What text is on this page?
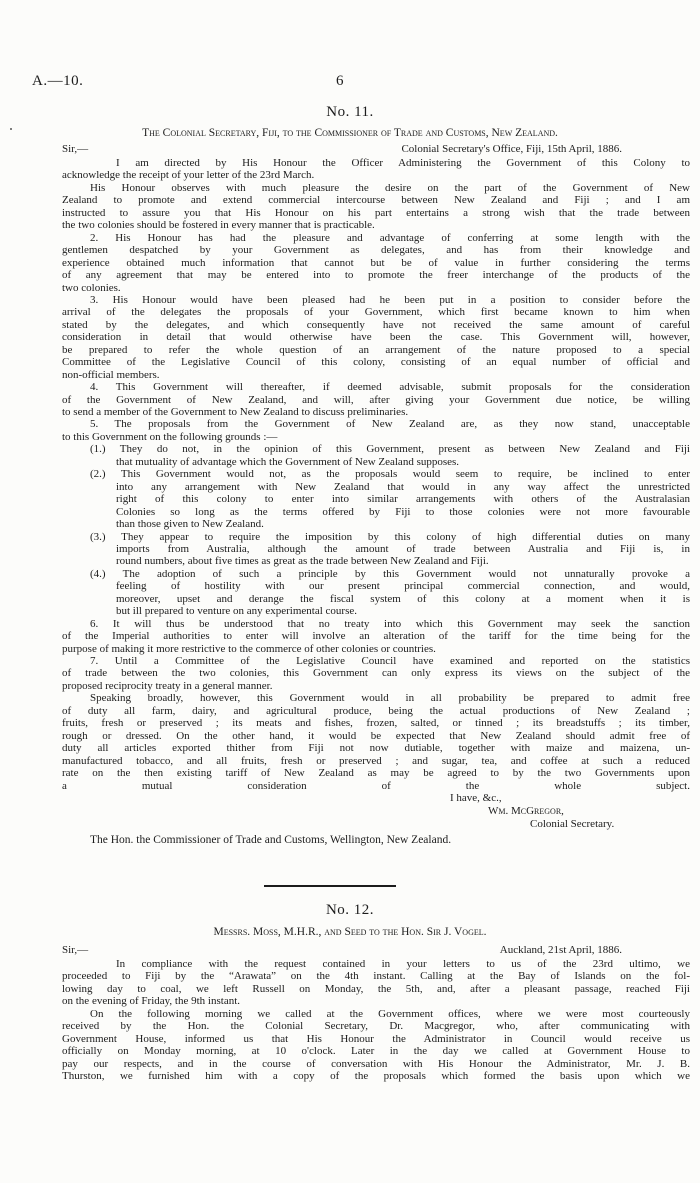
A.—10.	6
No. 11.
The Colonial Secretary, Fiji, to the Commissioner of Trade and Customs, New Zealand.
Sir,—	Colonial Secretary's Office, Fiji, 15th April, 1886.
I am directed by His Honour the Officer Administering the Government of this Colony to
acknowledge the receipt of your letter of the 23rd March.
His Honour observes with much pleasure the desire on the part of the Government of New
Zealand to promote and extend commercial intercourse between New Zealand and Fiji ; and I am
instructed to assure you that His Honour on his part entertains a strong wish that the trade between
the two colonies should be fostered in every manner that is practicable.
2. His Honour has had the pleasure and advantage of conferring at some length with the
gentlemen despatched by your Government as delegates, and has from their knowledge and
experience obtained much information that cannot but be of value in further considering the terms
of any agreement that may be entered into to promote the freer interchange of the products of the
two colonies.
3. His Honour would have been pleased had he been put in a position to consider before the
arrival of the delegates the proposals of your Government, which first became known to him when
stated by the delegates, and which consequently have not received the same amount of careful
consideration in detail that would otherwise have been the case. This Government will, however,
be prepared to refer the whole question of an arrangement of the nature proposed to a special
Committee of the Legislative Council of this colony, consisting of an equal number of official and
non-official members.
4. This Government will thereafter, if deemed advisable, submit proposals for the consideration
of the Government of New Zealand, and will, after giving your Government due notice, be willing
to send a member of the Government to New Zealand to discuss preliminaries.
5. The proposals from the Government of New Zealand are, as they now stand, unacceptable
to this Government on the following grounds :—
(1.) They do not, in the opinion of this Government, present as between New Zealand and Fiji
that mutuality of advantage which the Government of New Zealand supposes.
(2.) This Government would not, as the proposals would seem to require, be inclined to enter
into any arrangement with New Zealand that would in any way affect the unrestricted
right of this colony to enter into similar arrangements with others of the Australasian
Colonies so long as the terms offered by Fiji to those colonies were not more favourable
than those given to New Zealand.
(3.) They appear to require the imposition by this colony of high differential duties on many
imports from Australia, although the amount of trade between Australia and Fiji is, in
round numbers, about five times as great as the trade between New Zealand and Fiji.
(4.) The adoption of such a principle by this Government would not unnaturally provoke a
feeling of hostility with our present principal commercial connection, and would,
moreover, upset and derange the fiscal system of this colony at a moment when it is
but ill prepared to venture on any experimental course.
6. It will thus be understood that no treaty into which this Government may seek the sanction
of the Imperial authorities to enter will involve an alteration of the tariff for the time being for the
purpose of making it more restrictive to the commerce of other colonies or countries.
7. Until a Committee of the Legislative Council have examined and reported on the statistics
of trade between the two colonies, this Government can only express its views on the subject of the
proposed reciprocity treaty in a general manner.
Speaking broadly, however, this Government would in all probability be prepared to admit free
of duty all farm, dairy, and agricultural produce, being the actual productions of New Zealand ;
fruits, fresh or preserved ; its meats and fishes, frozen, salted, or tinned ; its breadstuffs ; its timber,
rough or dressed. On the other hand, it would be expected that New Zealand should admit free of
duty all articles exported thither from Fiji not now dutiable, together with maize and maizena, un-
manufactured tobacco, and all fruits, fresh or preserved ; and sugar, tea, and coffee at such a reduced
rate on the then existing tariff of New Zealand as may be agreed to by the two Governments upon
a mutual consideration of the whole subject.
I have, &c.,
Wm. McGregor,
Colonial Secretary.
The Hon. the Commissioner of Trade and Customs, Wellington, New Zealand.
No. 12.
Messrs. Moss, M.H.R., and Seed to the Hon. Sir J. Vogel.
Sir,—	Auckland, 21st April, 1886.
In compliance with the request contained in your letters to us of the 23rd ultimo, we
proceeded to Fiji by the “Arawata” on the 4th instant. Calling at the Bay of Islands on the fol-
lowing day to coal, we left Russell on Monday, the 5th, and, after a pleasant passage, reached Fiji
on the evening of Friday, the 9th instant.
On the following morning we called at the Government offices, where we were most courteously
received by the Hon. the Colonial Secretary, Dr. Macgregor, who, after communicating with
Government House, informed us that His Honour the Administrator in Council would receive us
officially on Monday morning, at 10 o'clock. Later in the day we called at Government House to
pay our respects, and in the course of conversation with His Honour the Administrator, Mr. J. B.
Thurston, we furnished him with a copy of the proposals which formed the basis upon which we
